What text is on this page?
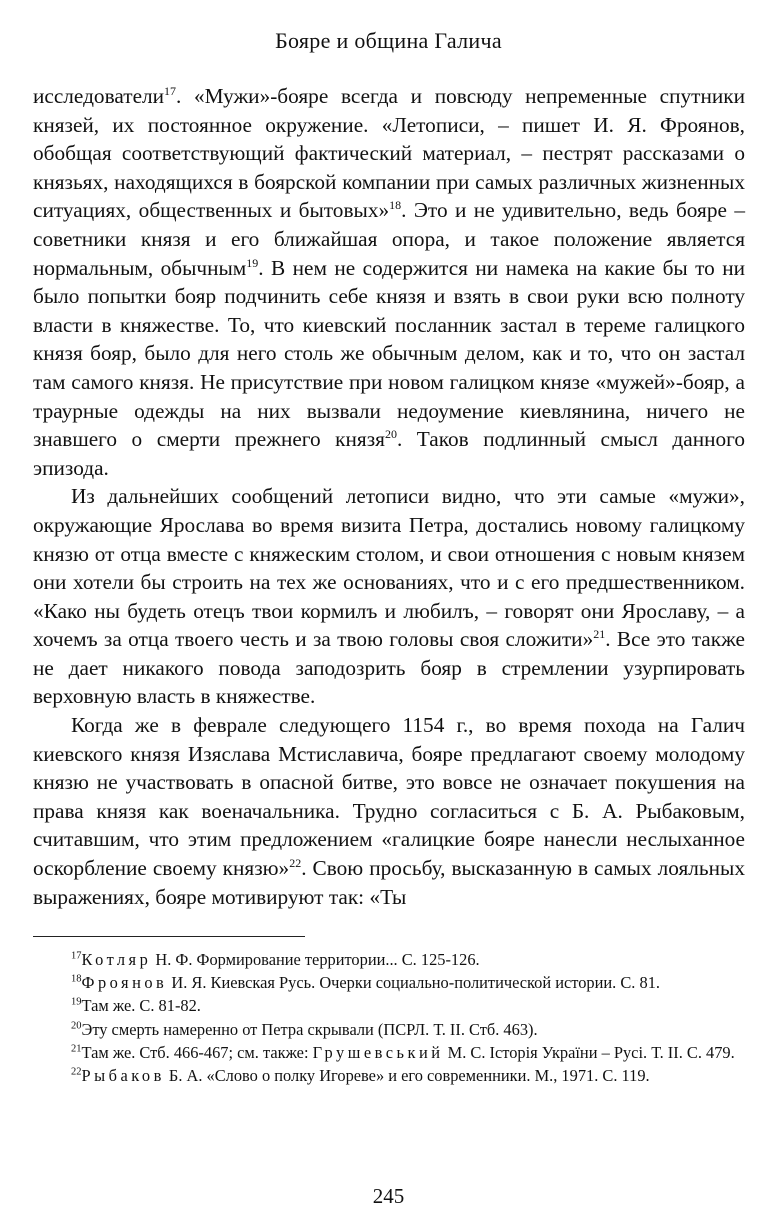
Бояре и община Галича

исследователи$^{17}$. «Мужи»-бояре всегда и повсюду непременные спутники князей, их постоянное окружение. «Летописи, – пишет И. Я. Фроянов, обобщая соответствующий фактический материал, – пестрят рассказами о князьях, находящихся в боярской компании при самых различных жизненных ситуациях, общественных и бытовых»$^{18}$. Это и не удивительно, ведь бояре – советники князя и его ближайшая опора, и такое положение является нормальным, обычным$^{19}$. В нем не содержится ни намека на какие бы то ни было попытки бояр подчинить себе князя и взять в свои руки всю полноту власти в княжестве. То, что киевский посланник застал в тереме галицкого князя бояр, было для него столь же обычным делом, как и то, что он застал там самого князя. Не присутствие при новом галицком князе «мужей»-бояр, а траурные одежды на них вызвали недоумение киевлянина, ничего не знавшего о смерти прежнего князя$^{20}$. Таков подлинный смысл данного эпизода.

Из дальнейших сообщений летописи видно, что эти самые «мужи», окружающие Ярослава во время визита Петра, достались новому галицкому князю от отца вместе с княжеским столом, и свои отношения с новым князем они хотели бы строить на тех же основаниях, что и с его предшественником. «Како ны будеть отецъ твои кормилъ и любилъ, – говорят они Ярославу, – а хочемъ за отца твоего честь и за твою головы своя сложити»$^{21}$. Все это также не дает никакого повода заподозрить бояр в стремлении узурпировать верховную власть в княжестве.

Когда же в феврале следующего 1154 г., во время похода на Галич киевского князя Изяслава Мстиславича, бояре предлагают своему молодому князю не участвовать в опасной битве, это вовсе не означает покушения на права князя как военачальника. Трудно согласиться с Б. А. Рыбаковым, считавшим, что этим предложением «галицкие бояре нанесли неслыханное оскорбление своему князю»$^{22}$. Свою просьбу, высказанную в самых лояльных выражениях, бояре мотивируют так: «Ты

$^{17}$Котляр Н. Ф. Формирование территории... С. 125-126.

$^{18}$Фроянов И. Я. Киевская Русь. Очерки социально-политической истории. С. 81.

$^{19}$Там же. С. 81-82.

$^{20}$Эту смерть намеренно от Петра скрывали (ПСРЛ. Т. II. Стб. 463).

$^{21}$Там же. Стб. 466-467; см. также: Грушевський М. С. Історія України – Русі. Т. II. С. 479.

$^{22}$Рыбаков Б. А. «Слово о полку Игореве» и его современники. М., 1971. С. 119.

245
